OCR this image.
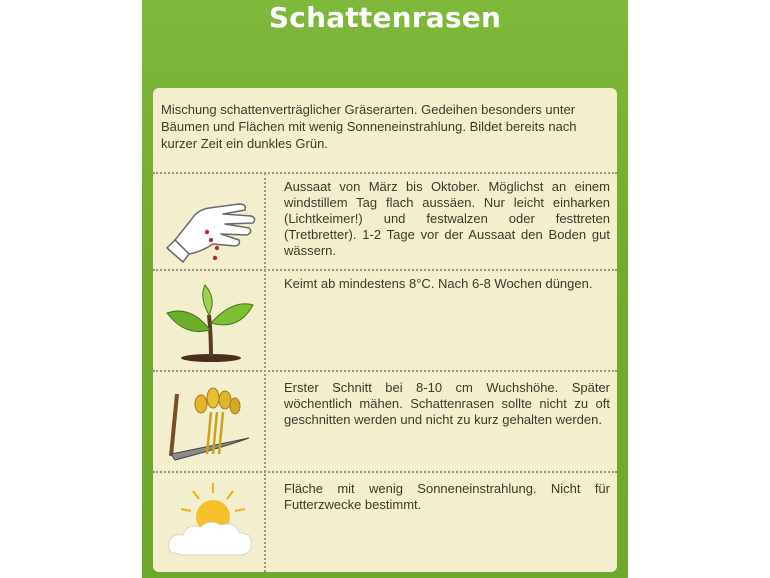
Schattenrasen
Mischung schattenverträglicher Gräserarten. Gedeihen besonders unter Bäumen und Flächen mit wenig Sonneneinstrahlung. Bildet bereits nach kurzer Zeit ein dunkles Grün.
Aussaat von März bis Oktober. Möglichst an einem windstillem Tag flach aussäen. Nur leicht einharken (Lichtkeimer!) und festwalzen oder festtreten (Tretbretter). 1-2 Tage vor der Aussaat den Boden gut wässern.
Keimt ab mindestens 8°C. Nach 6-8 Wochen düngen.
Erster Schnitt bei 8-10 cm Wuchshöhe. Später wöchentlich mähen. Schattenrasen sollte nicht zu oft geschnitten werden und nicht zu kurz gehalten werden.
Fläche mit wenig Sonneneinstrahlung. Nicht für Futterzwecke bestimmt.
